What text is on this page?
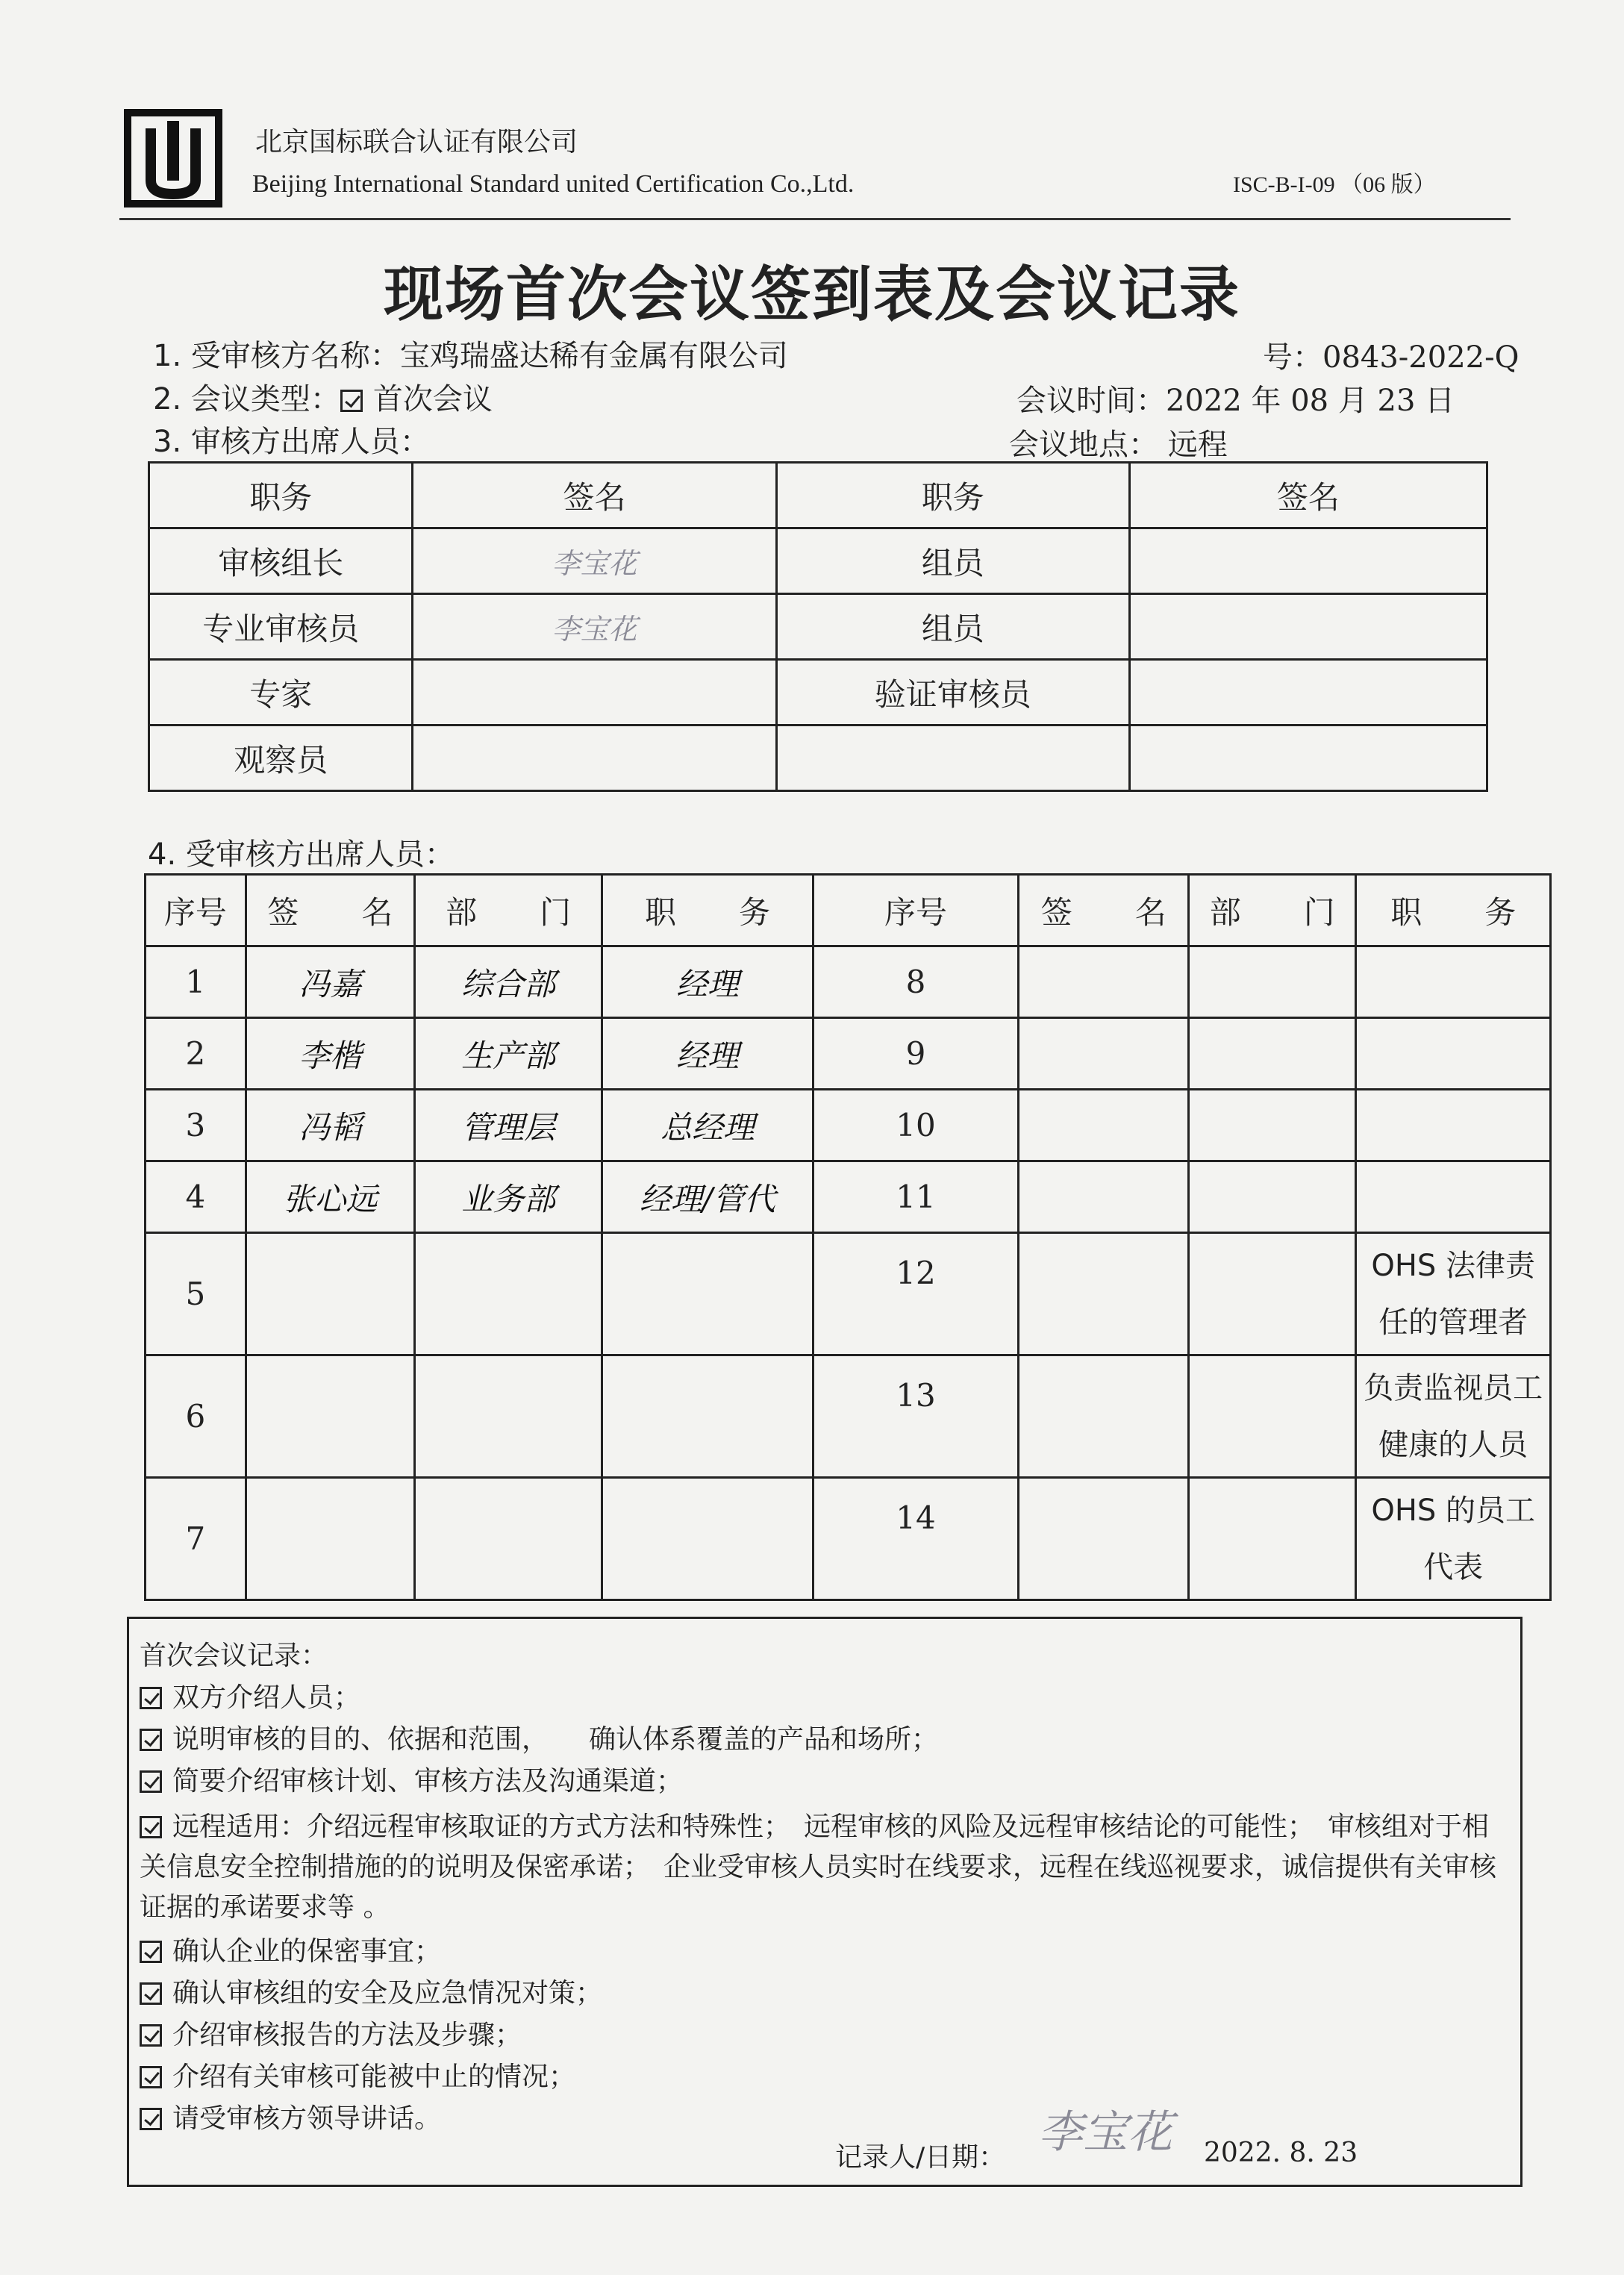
北京国标联合认证有限公司
Beijing International Standard united Certification Co.,Ltd.	ISC-B-I-09 （06 版）
现场首次会议签到表及会议记录
1. 受审核方名称：宝鸡瑞盛达稀有金属有限公司	号：0843-2022-Q
2. 会议类型： 首次会议	会议时间：2022 年 08 月 23 日
3. 审核方出席人员：	会议地点： 远程
职务	签名	职务	签名
审核组长	李宝花	组员	
专业审核员	李宝花	组员	
专家		验证审核员	
观察员			
4. 受审核方出席人员：
序号	签　　名	部　　门	职　　务	序号	签　　名	部　　门	职　　务
1	冯嘉	综合部	经理	8			
2	李楷	生产部	经理	9			
3	冯韬	管理层	总经理	10			
4	张心远	业务部	经理/管代	11			
5				12			OHS 法律责任的管理者
6				13			负责监视员工健康的人员
7				14			OHS 的员工代表
首次会议记录：
双方介绍人员；
说明审核的目的、依据和范围，　　确认体系覆盖的产品和场所；
简要介绍审核计划、审核方法及沟通渠道；
远程适用：介绍远程审核取证的方式方法和特殊性；　远程审核的风险及远程审核结论的可能性；　审核组对于相关信息安全控制措施的的说明及保密承诺；　企业受审核人员实时在线要求，远程在线巡视要求，诚信提供有关审核证据的承诺要求等 。
确认企业的保密事宜；
确认审核组的安全及应急情况对策；
介绍审核报告的方法及步骤；
介绍有关审核可能被中止的情况；
请受审核方领导讲话。
记录人/日期： 李宝花 2022. 8. 23
